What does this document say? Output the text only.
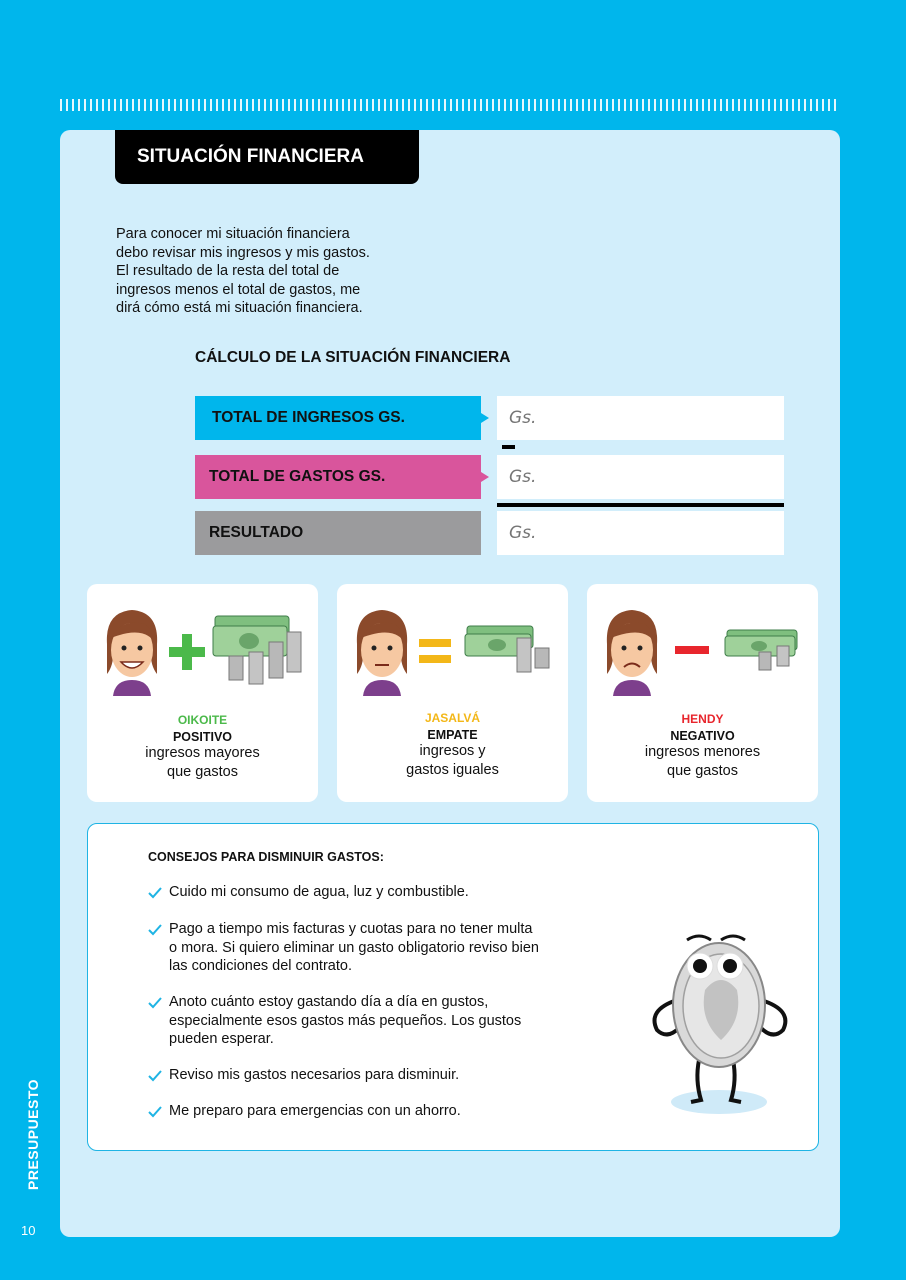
SITUACIÓN FINANCIERA
Para conocer mi situación financiera
debo revisar mis ingresos y mis gastos.
El resultado de la resta del total de
ingresos menos el total de gastos, me
dirá cómo está mi situación financiera.
CÁLCULO DE LA SITUACIÓN FINANCIERA
TOTAL DE INGRESOS GS.
Gs.
TOTAL DE GASTOS GS.
Gs.
RESULTADO
Gs.
OIKOITE
POSITIVO
ingresos mayores
que gastos
JASALVÁ
EMPATE
ingresos y
gastos iguales
HENDY
NEGATIVO
ingresos menores
que gastos
CONSEJOS PARA DISMINUIR GASTOS:
Cuido mi consumo de agua, luz y combustible.
Pago a tiempo mis facturas y cuotas para no tener multa
o mora. Si quiero eliminar un gasto obligatorio reviso bien
las condiciones del contrato.
Anoto cuánto estoy gastando día a día en gustos,
especialmente esos gastos más pequeños. Los gustos
pueden esperar.
Reviso mis gastos necesarios para disminuir.
Me preparo para emergencias con un ahorro.
PRESUPUESTO
10
